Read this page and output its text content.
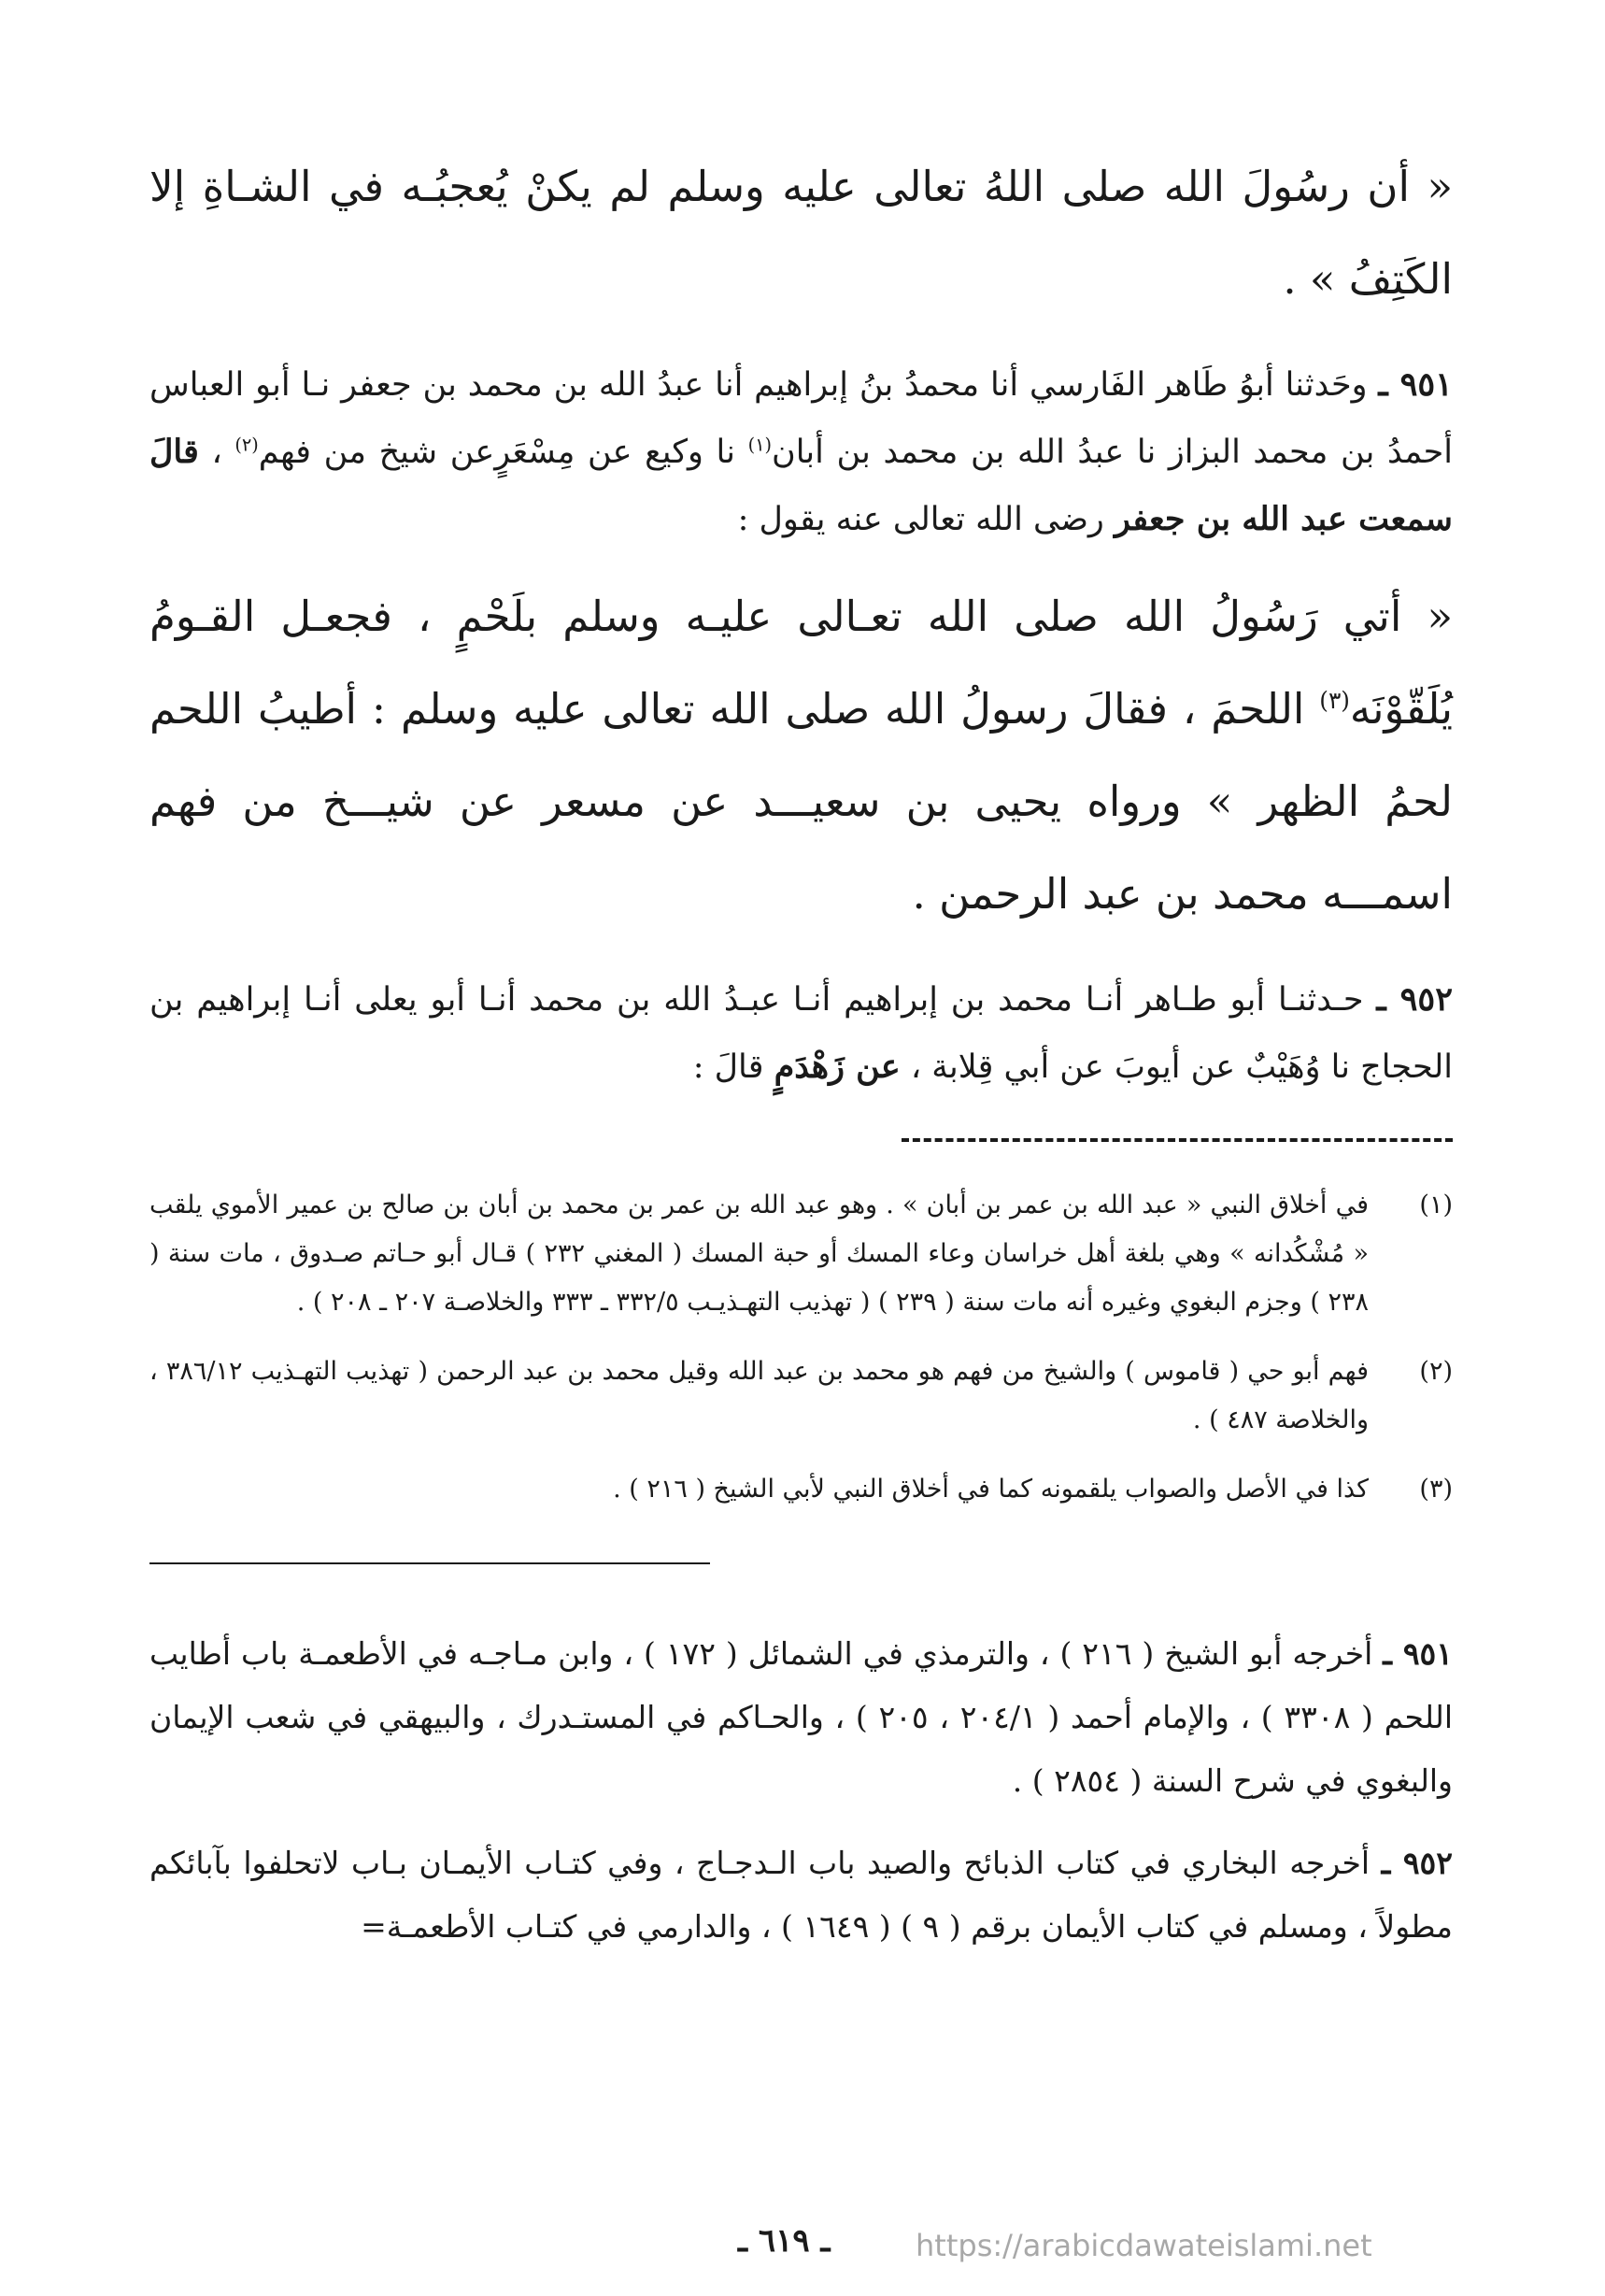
« أن رسُولَ الله صلى اللهُ تعالى عليه وسلم لم يكنْ يُعجبُـه في الشـاةِ إلا الكَتِفُ » .

٩٥١ ـ وحَدثنا أبوُ طَاهر الفَارسي أنا محمدُ بنُ إبراهيم أنا عبدُ الله بن محمد بن جعفر نـا أبو العباس أحمدُ بن محمد البزاز نا عبدُ الله بن محمد بن أبان$^{(١)}$ نا وكيع عن مِسْعَرٍعن شيخ من فهم$^{(٢)}$ ، قالَ سمعت عبد الله بن جعفر رضى الله تعالى عنه يقول :

« أتي رَسُولُ الله صلى الله تعـالى عليـه وسلم بلَحْمٍ ، فجعـل القـومُ يُلَقّوْنَه$^{(٣)}$ اللحمَ ، فقالَ رسولُ الله صلى الله تعالى عليه وسلم : أطيبُ اللحم لحمُ الظهر » ورواه يحيى بن سعيـــد عن مسعر عن شيـــخ من فهم اسمـــه محمد بن عبد الرحمن .

٩٥٢ ـ حـدثنـا أبو طـاهر أنـا محمد بن إبراهيم أنـا عبـدُ الله بن محمد أنـا أبو يعلى أنـا إبراهيم بن الحجاج نا وُهَيْبٌ عن أيوبَ عن أبي قِلابة ، عن زَهْدَمٍ قالَ :

(١)
في أخلاق النبي « عبد الله بن عمر بن أبان » . وهو عبد الله بن عمر بن محمد بن أبان بن صالح بن عمير الأموي يلقب « مُشْكُدانه » وهي بلغة أهل خراسان وعاء المسك أو حبة المسك ( المغني ٢٣٢ ) قـال أبو حـاتم صـدوق ، مات سنة ( ٢٣٨ ) وجزم البغوي وغيره أنه مات سنة ( ٢٣٩ ) ( تهذيب التهـذيـب ٣٣٢/٥ ـ ٣٣٣ والخلاصـة ٢٠٧ ـ ٢٠٨ ) .
(٢)
فهم أبو حي ( قاموس ) والشيخ من فهم هو محمد بن عبد الله وقيل محمد بن عبد الرحمن ( تهذيب التهـذيب ٣٨٦/١٢ ، والخلاصة ٤٨٧ ) .
(٣)
كذا في الأصل والصواب يلقمونه كما في أخلاق النبي لأبي الشيخ ( ٢١٦ ) .

٩٥١ ـ أخرجه أبو الشيخ ( ٢١٦ ) ، والترمذي في الشمائل ( ١٧٢ ) ، وابن مـاجـه في الأطعمـة باب أطايب اللحم ( ٣٣٠٨ ) ، والإمام أحمد ( ٢٠٤/١ ، ٢٠٥ ) ، والحـاكم في المستـدرك ، والبيهقي في شعب الإيمان والبغوي في شرح السنة ( ٢٨٥٤ ) .

٩٥٢ ـ أخرجه البخاري في كتاب الذبائح والصيد باب الـدجـاج ، وفي كتـاب الأيمـان بـاب لاتحلفوا بآبائكم مطولاً ، ومسلم في كتاب الأيمان برقم ( ٩ ) ( ١٦٤٩ ) ، والدارمي في كتـاب الأطعمـة=

ـ ٦١٩ ـ	https://arabicdawateislami.net
